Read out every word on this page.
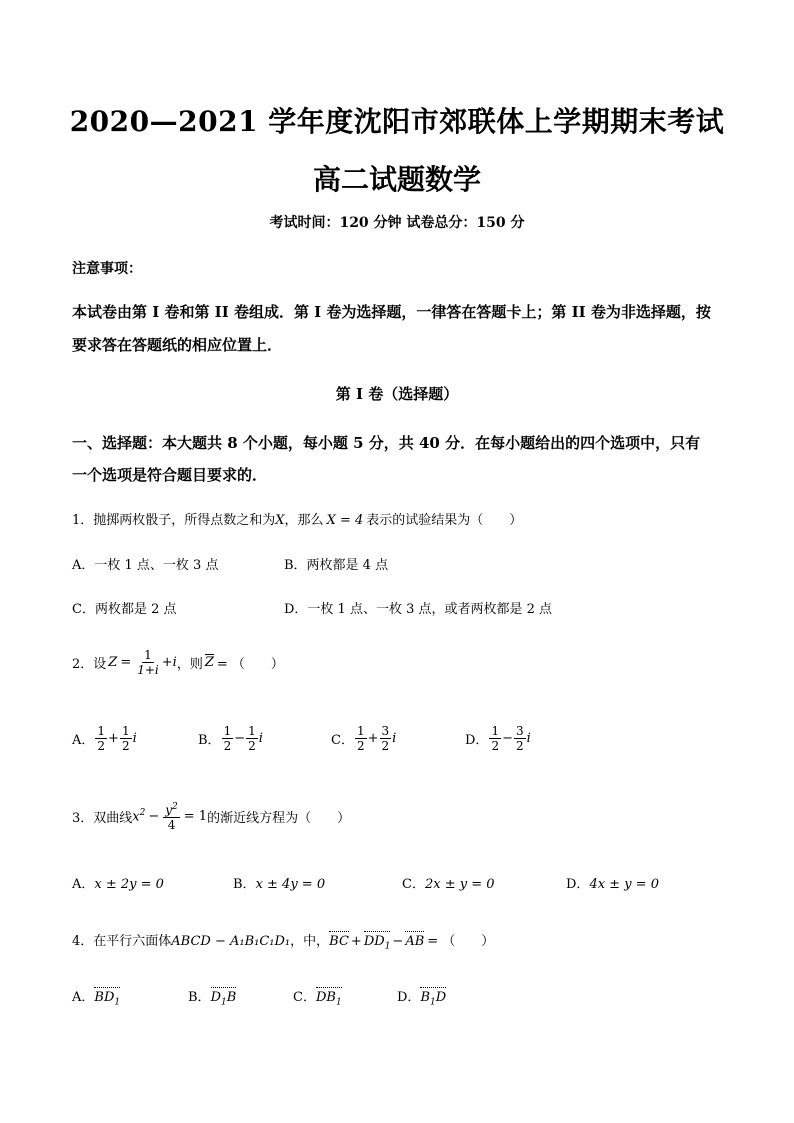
2020—2021 学年度沈阳市郊联体上学期期末考试
高二试题数学
考试时间：120 分钟 试卷总分：150 分
注意事项：
本试卷由第 I 卷和第 II 卷组成．第 I 卷为选择题，一律答在答题卡上；第 II 卷为非选择题，按
要求答在答题纸的相应位置上．
第 I 卷（选择题）
一、选择题：本大题共 8 个小题，每小题 5 分，共 40 分．在每小题给出的四个选项中，只有
一个选项是符合题目要求的．
1．抛掷两枚骰子，所得点数之和为X，那么 X = 4 表示的试验结果为（　　）
A．一枚 1 点、一枚 3 点	B．两枚都是 4 点
C．两枚都是 2 点	D．一枚 1 点、一枚 3 点，或者两枚都是 2 点
2．设 $Z = \frac{1}{1+i} +i$ ，则 Z = （　　）
A． $\frac{1}{2} + \frac{1}{2}$ i	B． $\frac{1}{2} - \frac{1}{2}$ i	C． $\frac{1}{2} + \frac{3}{2}$ i	D． $\frac{1}{2} - \frac{3}{2}$ i
3．双曲线 $x^2 - \frac{y^2}{4} = 1$ 的渐近线方程为（　　）
A．x ± 2y = 0	B．x ± 4y = 0	C．2x ± y = 0	D．4x ± y = 0
4．在平行六面体ABCD − A₁B₁C₁D₁，中，BC + $DD_1$ − AB = （　　）
A．$BD_1$	B．$D_1B$	C．$DB_1$	D．$B_1D$
